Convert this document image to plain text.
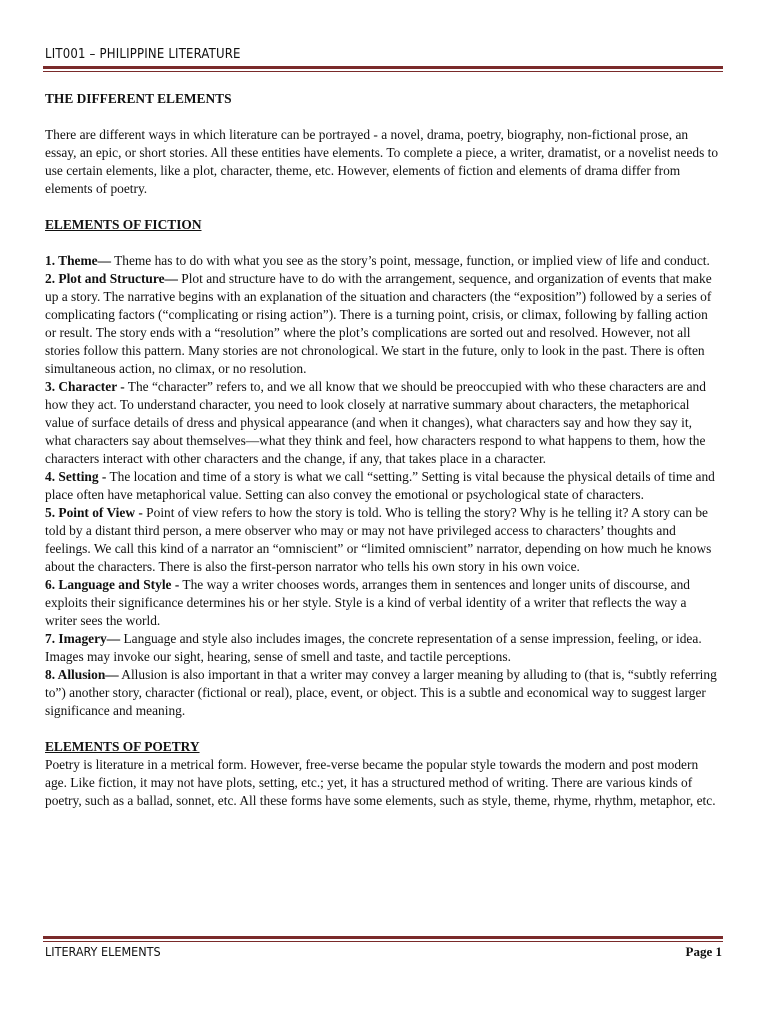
LIT001 – PHILIPPINE LITERATURE

THE DIFFERENT ELEMENTS

There are different ways in which literature can be portrayed - a novel, drama, poetry, biography, non-fictional prose, an essay, an epic, or short stories. All these entities have elements. To complete a piece, a writer, dramatist, or a novelist needs to use certain elements, like a plot, character, theme, etc. However, elements of fiction and elements of drama differ from elements of poetry.

ELEMENTS OF FICTION

1. Theme— Theme has to do with what you see as the story’s point, message, function, or implied view of life and conduct.

2. Plot and Structure— Plot and structure have to do with the arrangement, sequence, and organization of events that make up a story. The narrative begins with an explanation of the situation and characters (the “exposition”) followed by a series of complicating factors (“complicating or rising action”). There is a turning point, crisis, or climax, following by falling action or result. The story ends with a “resolution” where the plot’s complications are sorted out and resolved. However, not all stories follow this pattern. Many stories are not chronological. We start in the future, only to look in the past. There is often simultaneous action, no climax, or no resolution.

3. Character - The “character” refers to, and we all know that we should be preoccupied with who these characters are and how they act. To understand character, you need to look closely at narrative summary about characters, the metaphorical value of surface details of dress and physical appearance (and when it changes), what characters say and how they say it, what characters say about themselves—what they think and feel, how characters respond to what happens to them, how the characters interact with other characters and the change, if any, that takes place in a character.

4. Setting - The location and time of a story is what we call “setting.” Setting is vital because the physical details of time and place often have metaphorical value. Setting can also convey the emotional or psychological state of characters.

5. Point of View - Point of view refers to how the story is told. Who is telling the story? Why is he telling it? A story can be told by a distant third person, a mere observer who may or may not have privileged access to characters’ thoughts and feelings. We call this kind of a narrator an “omniscient” or “limited omniscient” narrator, depending on how much he knows about the characters. There is also the first-person narrator who tells his own story in his own voice.

6. Language and Style - The way a writer chooses words, arranges them in sentences and longer units of discourse, and exploits their significance determines his or her style. Style is a kind of verbal identity of a writer that reflects the way a writer sees the world.

7. Imagery— Language and style also includes images, the concrete representation of a sense impression, feeling, or idea. Images may invoke our sight, hearing, sense of smell and taste, and tactile perceptions.

8. Allusion— Allusion is also important in that a writer may convey a larger meaning by alluding to (that is, “subtly referring to”) another story, character (fictional or real), place, event, or object. This is a subtle and economical way to suggest larger significance and meaning.

ELEMENTS OF POETRY

Poetry is literature in a metrical form. However, free-verse became the popular style towards the modern and post modern age. Like fiction, it may not have plots, setting, etc.; yet, it has a structured method of writing. There are various kinds of poetry, such as a ballad, sonnet, etc. All these forms have some elements, such as style, theme, rhyme, rhythm, metaphor, etc.

LITERARY ELEMENTS	Page 1
